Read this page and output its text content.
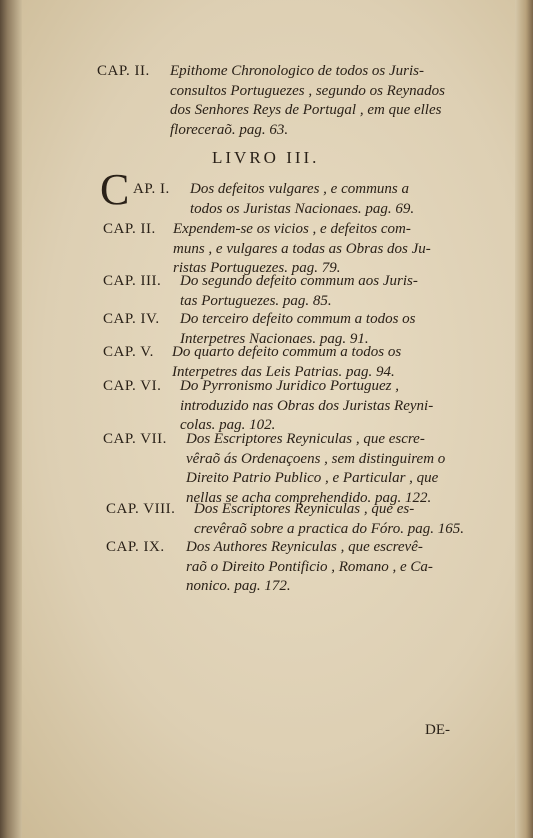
CAP. II. Epithome Chronologico de todos os Juris-
consultos Portuguezes , segundo os Reynados
dos Senhores Reys de Portugal , em que elles
floreceraõ. pag. 63.
LIVRO III.
C AP. I. Dos defeitos vulgares , e communs a
todos os Juristas Nacionaes. pag. 69.
CAP. II. Expendem-se os vicios , e defeitos com-
muns , e vulgares a todas as Obras dos Ju-
ristas Portuguezes. pag. 79.
CAP. III. Do segundo defeito commum aos Juris-
tas Portuguezes. pag. 85.
CAP. IV. Do terceiro defeito commum a todos os
Interpetres Nacionaes. pag. 91.
CAP. V. Do quarto defeito commum a todos os
Interpetres das Leis Patrias. pag. 94.
CAP. VI. Do Pyrronismo Juridico Portuguez ,
introduzido nas Obras dos Juristas Reyni-
colas. pag. 102.
CAP. VII. Dos Escriptores Reyniculas , que escre-
vêraõ ás Ordenaçoens , sem distinguirem o
Direito Patrio Publico , e Particular , que
nellas se acha comprehendido. pag. 122.
CAP. VIII. Dos Escriptores Reyniculas , que es-
crevêraõ sobre a practica do Fóro. pag. 165.
CAP. IX. Dos Authores Reyniculas , que escrevê-
raõ o Direito Pontificio , Romano , e Ca-
nonico. pag. 172.
DE-
